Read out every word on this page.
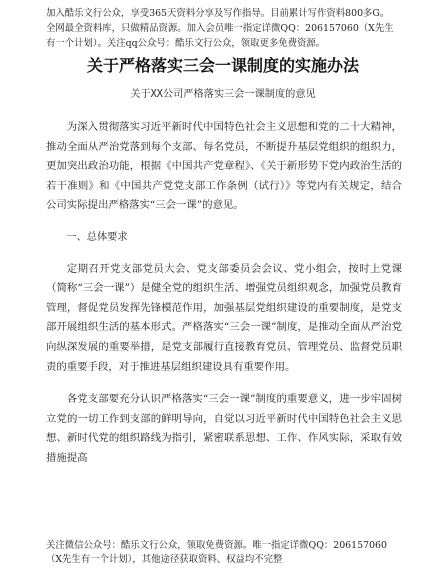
加入酷乐文行公众，享受365天资料分享及写作指导。目前累计写作资料800多G。

全网最全资料库，只做精品资源。加入会员唯一指定详微QQ：206157060（X先生

有一个计划）。关注qq公众号：酷乐文行公众，领取更多免费资源。

关于严格落实三会一课制度的实施办法

关于XX公司严格落实三会一课制度的意见

为深入贯彻落实习近平新时代中国特色社会主义思想和党的二十大精神，推动全面从严治党落到每个支部、每名党员，不断提升基层党组织的组织力，更加突出政治功能，根据《中国共产党章程》、《关于新形势下党内政治生活的若干准则》和《中国共产党党支部工作条例（试行）》等党内有关规定，结合公司实际提出严格落实“三会一课”的意见。

一、总体要求

定期召开党支部党员大会、党支部委员会会议、党小组会，按时上党课（简称“三会一课”）是健全党的组织生活、增强党员组织观念，加强党员教育管理，督促党员发挥先锋模范作用，加强基层党组织建设的重要制度，是党支部开展组织生活的基本形式。严格落实“三会一课”制度，是推动全面从严治党向纵深发展的重要举措，是党支部履行直接教育党员、管理党员、监督党员职责的重要手段，对于推进基层组织建设具有重要作用。

各党支部要充分认识严格落实“三会一课”制度的重要意义，进一步牢固树立党的一切工作到支部的鲜明导向，自觉以习近平新时代中国特色社会主义思想、新时代党的组织路线为指引，紧密联系思想、工作、作风实际，采取有效措施提高

关注微信公众号：酷乐文行公众，领取免费资源。唯一指定详微QQ：206157060

（X先生有一个计划），其他途径获取资料、权益均不完整
